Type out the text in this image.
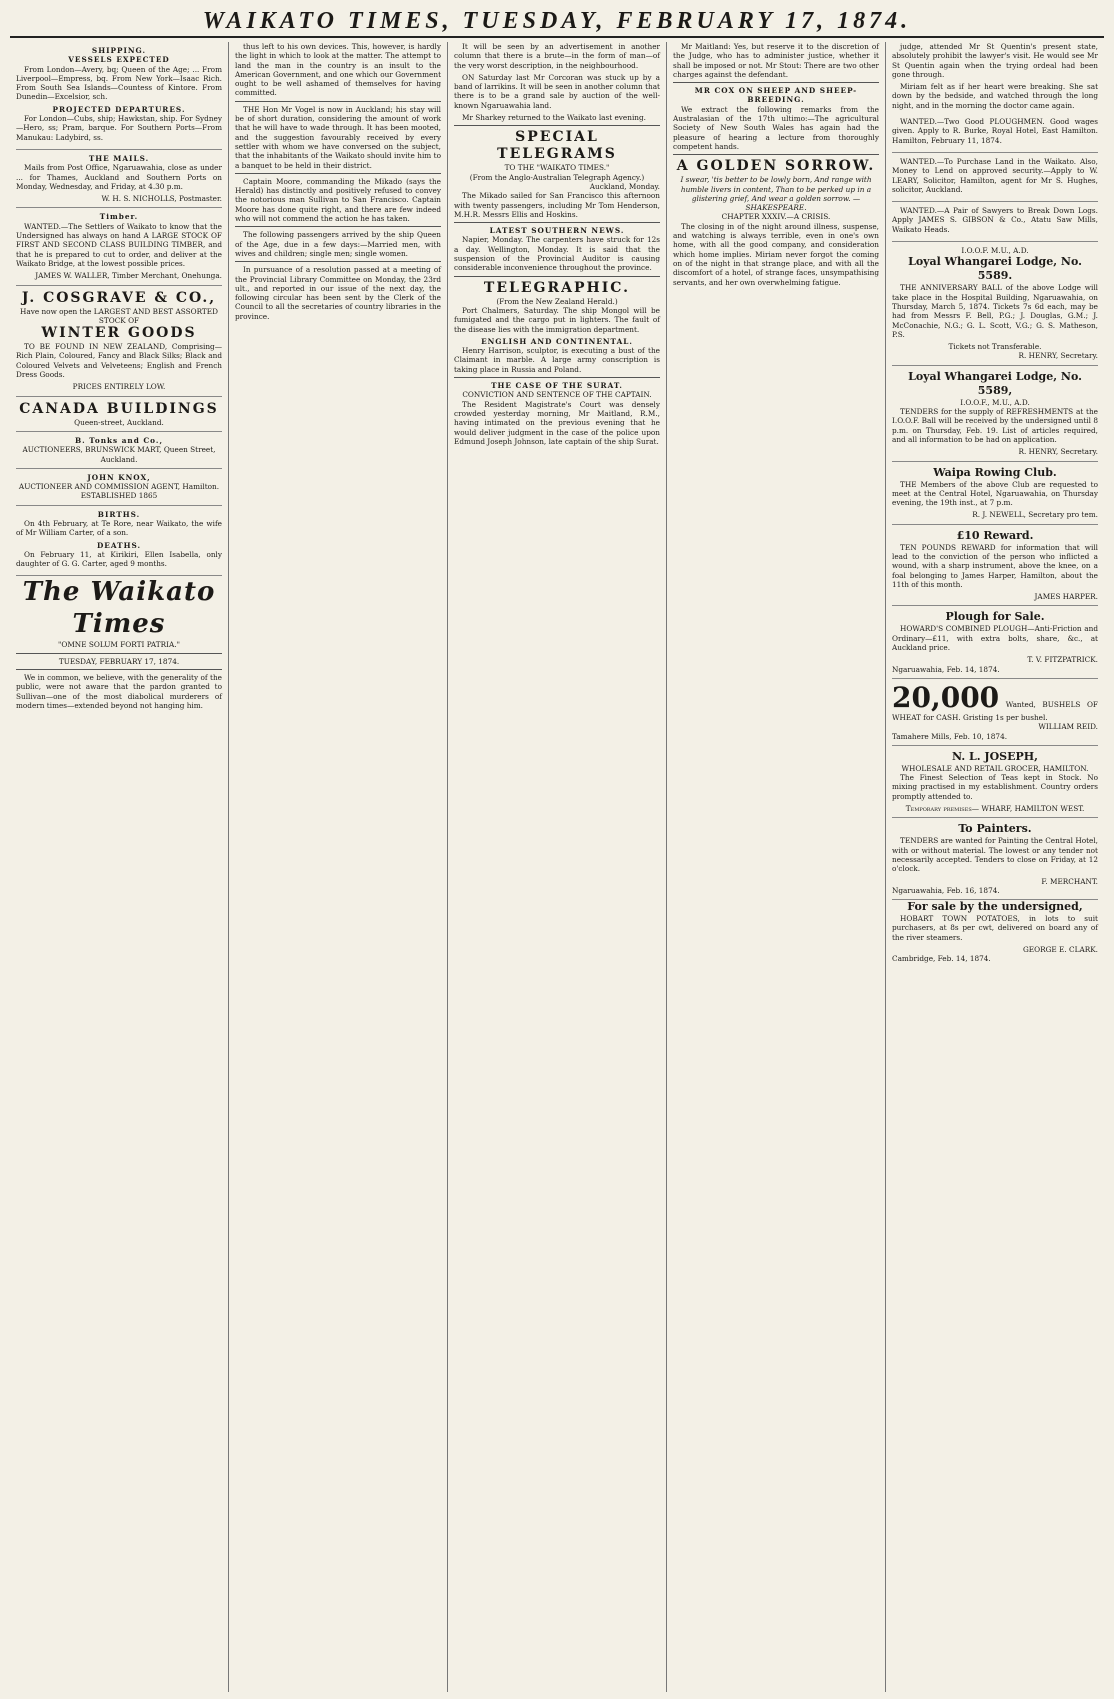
WAIKATO TIMES, TUESDAY, FEBRUARY 17, 1874.
SHIPPING.
VESSELS EXPECTED

From London—Avery, bq; Queen of the Age; ... From Liverpool—Empress, bq. From New York—Isaac Rich. From South Sea Islands—Countess of Kintore. From Dunedin—Excelsior, sch.

PROJECTED DEPARTURES.

For London—Cubs, ship; Hawkstan, ship. For Sydney—Hero, ss; Pram, barque. For Southern Ports—From Manukau: Ladybird, ss.

THE MAILS.

Mails from Post Office, Ngaruawahia, close as under ... for Thames, Auckland and Southern Ports on Monday, Wednesday, and Friday, at 4.30 p.m.

W. H. S. NICHOLLS, Postmaster.
Timber.

WANTED.—The Settlers of Waikato to know that the Undersigned has always on hand A LARGE STOCK OF FIRST AND SECOND CLASS BUILDING TIMBER, and that he is prepared to cut to order, and deliver at the Waikato Bridge, at the lowest possible prices.

JAMES W. WALLER, Timber Merchant, Onehunga.
J. COSGRAVE & CO.,
Have now open the LARGEST AND BEST ASSORTED STOCK OF
WINTER GOODS

TO BE FOUND IN NEW ZEALAND, Comprising— Rich Plain, Coloured, Fancy and Black Silks; Black and Coloured Velvets and Velveteens; English and French Dress Goods.

PRICES ENTIRELY LOW.
CANADA BUILDINGS
Queen-street, Auckland.
B. Tonks and Co.,
AUCTIONEERS, BRUNSWICK MART, Queen Street, Auckland.
JOHN KNOX,
AUCTIONEER AND COMMISSION AGENT, Hamilton.
ESTABLISHED 1865
BIRTHS.

On 4th February, at Te Rore, near Waikato, the wife of Mr William Carter, of a son.

DEATHS.

On February 11, at Kirikiri, Ellen Isabella, only daughter of G. G. Carter, aged 9 months.

The Waikato Times
"OMNE SOLUM FORTI PATRIA."
TUESDAY, FEBRUARY 17, 1874.

We in common, we believe, with the generality of the public, were not aware that the pardon granted to Sullivan—one of the most diabolical murderers of modern times—extended beyond not hanging him.

thus left to his own devices. This, however, is hardly the light in which to look at the matter. The attempt to land the man in the country is an insult to the American Government, and one which our Government ought to be well ashamed of themselves for having committed.

THE Hon Mr Vogel is now in Auckland; his stay will be of short duration, considering the amount of work that he will have to wade through. It has been mooted, and the suggestion favourably received by every settler with whom we have conversed on the subject, that the inhabitants of the Waikato should invite him to a banquet to be held in their district.

Captain Moore, commanding the Mikado (says the Herald) has distinctly and positively refused to convey the notorious man Sullivan to San Francisco. Captain Moore has done quite right, and there are few indeed who will not commend the action he has taken.

The following passengers arrived by the ship Queen of the Age, due in a few days:—Married men, with wives and children; single men; single women.

In pursuance of a resolution passed at a meeting of the Provincial Library Committee on Monday, the 23rd ult., and reported in our issue of the next day, the following circular has been sent by the Clerk of the Council to all the secretaries of country libraries in the province.

It will be seen by an advertisement in another column that there is a brute—in the form of man—of the very worst description, in the neighbourhood.

ON Saturday last Mr Corcoran was stuck up by a band of larrikins. It will be seen in another column that there is to be a grand sale by auction of the well-known Ngaruawahia land.

Mr Sharkey returned to the Waikato last evening.

SPECIAL TELEGRAMS
TO THE "WAIKATO TIMES."
(From the Anglo-Australian Telegraph Agency.)
Auckland, Monday.

The Mikado sailed for San Francisco this afternoon with twenty passengers, including Mr Tom Henderson, M.H.R. Messrs Ellis and Hoskins.

LATEST SOUTHERN NEWS.

Napier, Monday. The carpenters have struck for 12s a day. Wellington, Monday. It is said that the suspension of the Provincial Auditor is causing considerable inconvenience throughout the province.

TELEGRAPHIC.
(From the New Zealand Herald.)

Port Chalmers, Saturday. The ship Mongol will be fumigated and the cargo put in lighters. The fault of the disease lies with the immigration department.

ENGLISH AND CONTINENTAL.

Henry Harrison, sculptor, is executing a bust of the Claimant in marble. A large army conscription is taking place in Russia and Poland.

THE CASE OF THE SURAT.
CONVICTION AND SENTENCE OF THE CAPTAIN.

The Resident Magistrate's Court was densely crowded yesterday morning, Mr Maitland, R.M., having intimated on the previous evening that he would deliver judgment in the case of the police upon Edmund Joseph Johnson, late captain of the ship Surat.

Mr Maitland: Yes, but reserve it to the discretion of the Judge, who has to administer justice, whether it shall be imposed or not. Mr Stout: There are two other charges against the defendant.

MR COX ON SHEEP AND SHEEP-BREEDING.

We extract the following remarks from the Australasian of the 17th ultimo:—The agricultural Society of New South Wales has again had the pleasure of hearing a lecture from thoroughly competent hands.

A GOLDEN SORROW.
I swear, 'tis better to be lowly born, And range with humble livers in content, Than to be perked up in a glistering grief, And wear a golden sorrow. — SHAKESPEARE.
CHAPTER XXXIV.—A CRISIS.

The closing in of the night around illness, suspense, and watching is always terrible, even in one's own home, with all the good company, and consideration which home implies. Miriam never forgot the coming on of the night in that strange place, and with all the discomfort of a hotel, of strange faces, unsympathising servants, and her own overwhelming fatigue.

judge, attended Mr St Quentin's present state, absolutely prohibit the lawyer's visit. He would see Mr St Quentin again when the trying ordeal had been gone through.

Miriam felt as if her heart were breaking. She sat down by the bedside, and watched through the long night, and in the morning the doctor came again.

WANTED.—Two Good PLOUGHMEN. Good wages given. Apply to R. Burke, Royal Hotel, East Hamilton. Hamilton, February 11, 1874.

WANTED.—To Purchase Land in the Waikato. Also, Money to Lend on approved security.—Apply to W. LEARY, Solicitor, Hamilton, agent for Mr S. Hughes, solicitor, Auckland.

WANTED.—A Pair of Sawyers to Break Down Logs. Apply JAMES S. GIBSON & Co., Atatu Saw Mills, Waikato Heads.

I.O.O.F. M.U., A.D.
Loyal Whangarei Lodge, No. 5589.

THE ANNIVERSARY BALL of the above Lodge will take place in the Hospital Building, Ngaruawahia, on Thursday, March 5, 1874. Tickets 7s 6d each, may be had from Messrs F. Bell, P.G.; J. Douglas, G.M.; J. McConachie, N.G.; G. L. Scott, V.G.; G. S. Matheson, P.S.

Tickets not Transferable.
R. HENRY, Secretary.
Loyal Whangarei Lodge, No. 5589,
I.O.O.F., M.U., A.D.

TENDERS for the supply of REFRESHMENTS at the I.O.O.F. Ball will be received by the undersigned until 8 p.m. on Thursday, Feb. 19. List of articles required, and all information to be had on application.

R. HENRY, Secretary.
Waipa Rowing Club.

THE Members of the above Club are requested to meet at the Central Hotel, Ngaruawahia, on Thursday evening, the 19th inst., at 7 p.m.

R. J. NEWELL, Secretary pro tem.
£10 Reward.

TEN POUNDS REWARD for information that will lead to the conviction of the person who inflicted a wound, with a sharp instrument, above the knee, on a foal belonging to James Harper, Hamilton, about the 11th of this month.

JAMES HARPER.
Plough for Sale.

HOWARD'S COMBINED PLOUGH—Anti-Friction and Ordinary—£11, with extra bolts, share, &c., at Auckland price.

T. V. FITZPATRICK.
Ngaruawahia, Feb. 14, 1874.
20,000 Wanted, BUSHELS OF WHEAT for CASH. Gristing 1s per bushel.
WILLIAM REID.
Tamahere Mills, Feb. 10, 1874.
N. L. JOSEPH,
WHOLESALE AND RETAIL GROCER, HAMILTON.

The Finest Selection of Teas kept in Stock. No mixing practised in my establishment. Country orders promptly attended to.

Temporary premises— WHARF, HAMILTON WEST.
To Painters.

TENDERS are wanted for Painting the Central Hotel, with or without material. The lowest or any tender not necessarily accepted. Tenders to close on Friday, at 12 o'clock.

F. MERCHANT.
Ngaruawahia, Feb. 16, 1874.
For sale by the undersigned,

HOBART TOWN POTATOES, in lots to suit purchasers, at 8s per cwt, delivered on board any of the river steamers.

GEORGE E. CLARK.
Cambridge, Feb. 14, 1874.
